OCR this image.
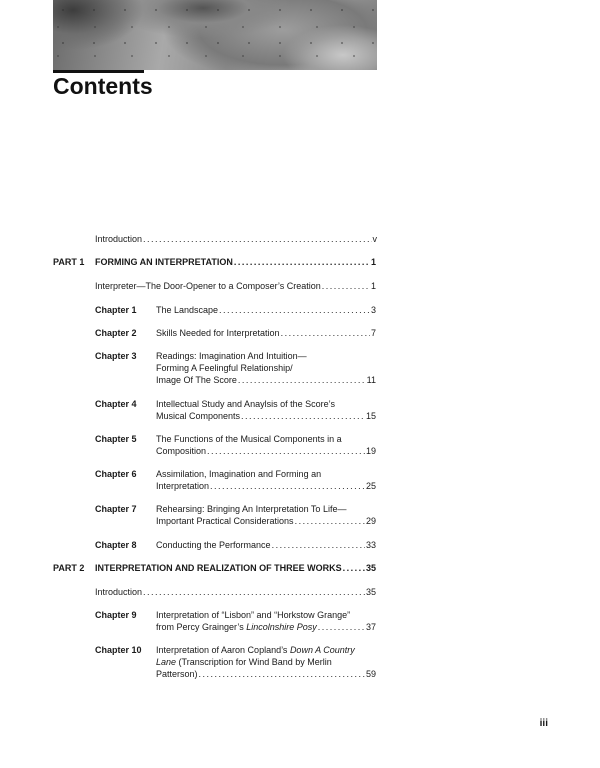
Contents
Introduction .....	v
PART 1 FORMING AN INTERPRETATION .....	1
Interpreter—The Door-Opener to a Composer’s Creation .....	1
Chapter 1 The Landscape .....	3
Chapter 2 Skills Needed for Interpretation .....	7
Chapter 3 Readings: Imagination And Intuition—
Forming A Feelingful Relationship/
Image Of The Score .....	11
Chapter 4 Intellectual Study and Anaylsis of the Score’s
Musical Components .....	15
Chapter 5 The Functions of the Musical Components in a
Composition .....	19
Chapter 6 Assimilation, Imagination and Forming an
Interpretation .....	25
Chapter 7 Rehearsing: Bringing An Interpretation To Life—
Important Practical Considerations .....	29
Chapter 8 Conducting the Performance .....	33
PART 2 INTERPRETATION AND REALIZATION OF THREE WORKS .....	35
Introduction .....	35
Chapter 9 Interpretation of “Lisbon” and “Horkstow Grange”
from Percy Grainger’s Lincolnshire Posy .....	37
Chapter 10 Interpretation of Aaron Copland’s Down A Country
Lane (Transcription for Wind Band by Merlin
Patterson) .....	59
iii
